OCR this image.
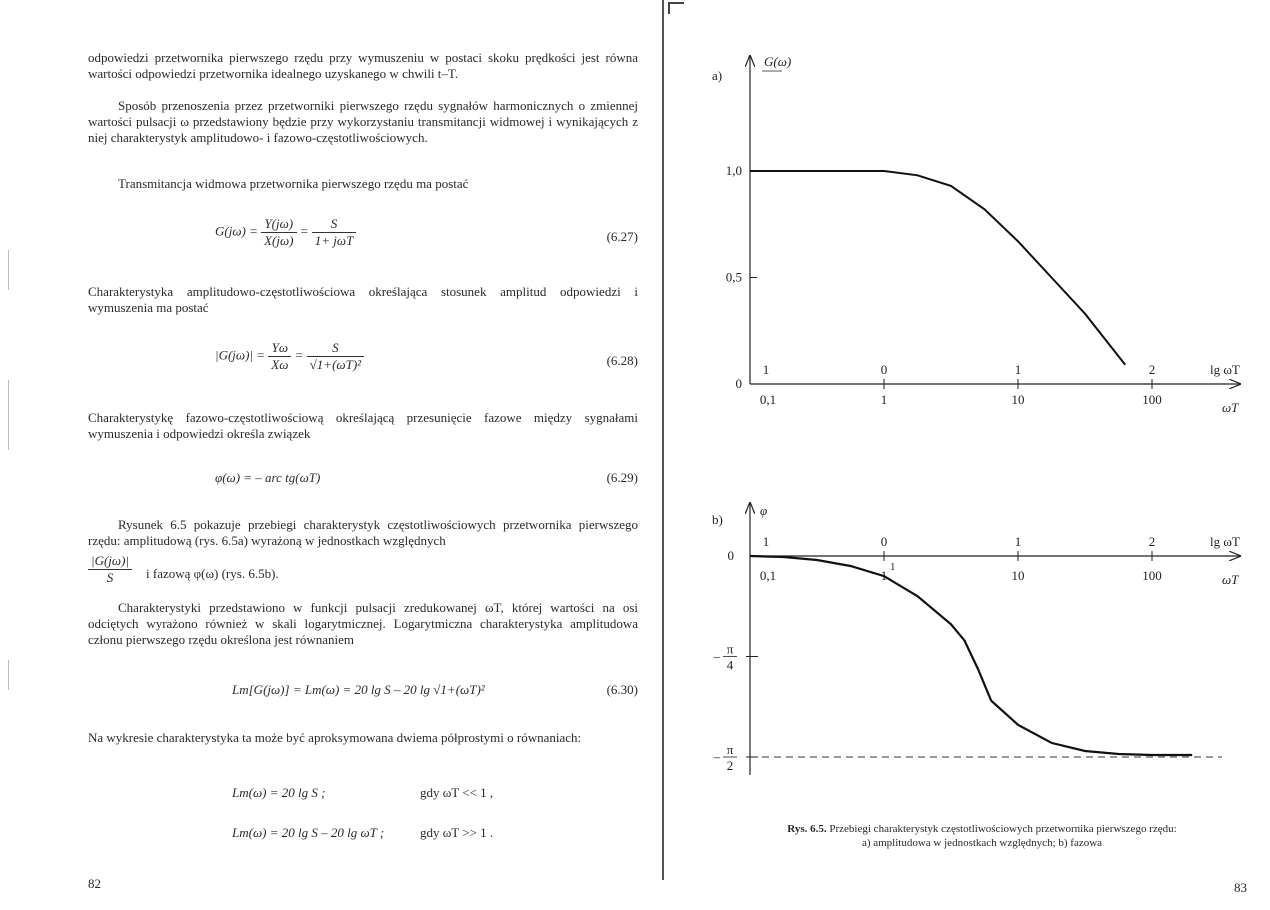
odpowiedzi przetwornika pierwszego rzędu przy wymuszeniu w postaci skoku prędkości jest równa wartości odpowiedzi przetwornika idealnego uzyskanego w chwili t–T.
Sposób przenoszenia przez przetworniki pierwszego rzędu sygnałów harmonicznych o zmiennej wartości pulsacji ω przedstawiony będzie przy wykorzystaniu transmitancji widmowej i wynikających z niej charakterystyk amplitudowo- i fazowo-częstotliwościowych.
Transmitancja widmowa przetwornika pierwszego rzędu ma postać
$G(j\omega) = \frac{Y(j\omega)}{X(j\omega)} = \frac{S}{\text{1+ jωT}}$	(6.27)
Charakterystyka amplitudowo-częstotliwościowa określająca stosunek amplitud odpowiedzi i wymuszenia ma postać
$|G(j\omega)| = \frac{Y\omega}{X\omega} = \frac{S}{\text{√1+(ωT)²}}$	(6.28)
Charakterystykę fazowo-częstotliwościową określającą przesunięcie fazowe między sygnałami wymuszenia i odpowiedzi określa związek
φ(ω) = – arc tg(ωT)	(6.29)
Rysunek 6.5 pokazuje przebiegi charakterystyk częstotliwościowych przetwornika pierwszego rzędu: amplitudową (rys. 6.5a) wyrażoną w jednostkach względnych
$\frac{|G(j\omega)|}{S}$ i fazową φ(ω) (rys. 6.5b).
Charakterystyki przedstawiono w funkcji pulsacji zredukowanej ωT, której wartości na osi odciętych wyrażono również w skali logarytmicznej. Logarytmiczna charakterystyka amplitudowa członu pierwszego rzędu określona jest równaniem
Lm[G(jω)] = Lm(ω) = 20 lg S – 20 lg √1+(ωT)²	(6.30)
Na wykresie charakterystyka ta może być aproksymowana dwiema półprostymi o równaniach:
Lm(ω) = 20 lg S ;	gdy ωT << 1 ,
Lm(ω) = 20 lg S – 20 lg ωT ;	gdy ωT >> 1 .
82
a)
G(ω)
0
0,5
1,0
1
0,1
0
1
1
10
2
100
lg ωT
ωT
b)
φ
0
– π
4
– π
2
1
0,1
0
1
1
10
2
100
lg ωT
ωT
1
Rys. 6.5. Przebiegi charakterystyk częstotliwościowych przetwornika pierwszego rzędu:
a) amplitudowa w jednostkach względnych; b) fazowa
83
